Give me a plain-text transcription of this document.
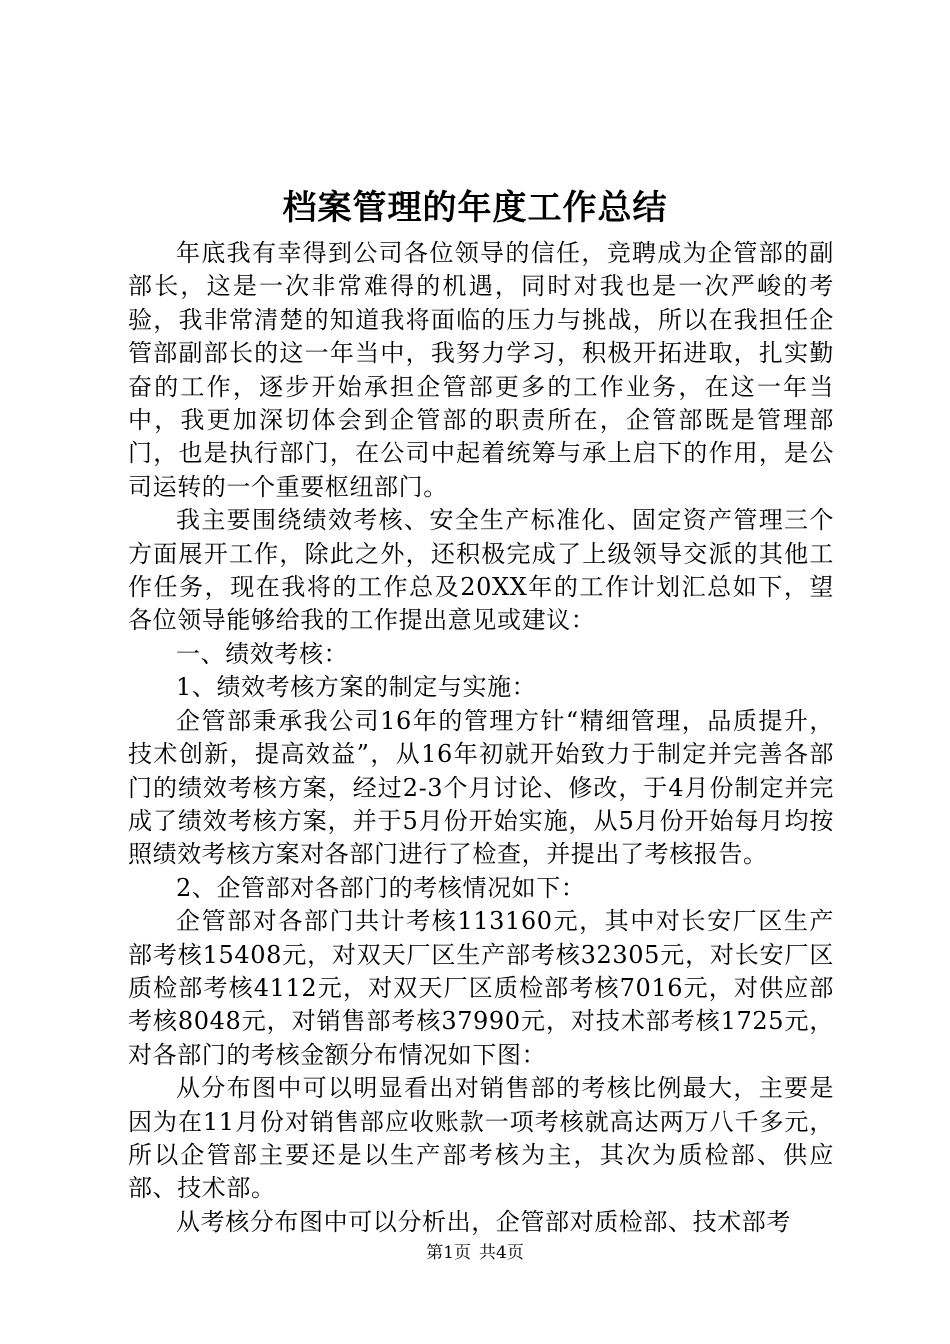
档案管理的年度工作总结

年底我有幸得到公司各位领导的信任，竞聘成为企管部的副部长，这是一次非常难得的机遇，同时对我也是一次严峻的考验，我非常清楚的知道我将面临的压力与挑战，所以在我担任企管部副部长的这一年当中，我努力学习，积极开拓进取，扎实勤奋的工作，逐步开始承担企管部更多的工作业务，在这一年当中，我更加深切体会到企管部的职责所在，企管部既是管理部门，也是执行部门，在公司中起着统筹与承上启下的作用，是公司运转的一个重要枢纽部门。

我主要围绕绩效考核、安全生产标准化、固定资产管理三个方面展开工作，除此之外，还积极完成了上级领导交派的其他工作任务，现在我将的工作总及20XX年的工作计划汇总如下，望各位领导能够给我的工作提出意见或建议：

一、绩效考核：

1、绩效考核方案的制定与实施：

企管部秉承我公司16年的管理方针“精细管理，品质提升，技术创新，提高效益”，从16年初就开始致力于制定并完善各部门的绩效考核方案，经过2-3个月讨论、修改，于4月份制定并完成了绩效考核方案，并于5月份开始实施，从5月份开始每月均按照绩效考核方案对各部门进行了检查，并提出了考核报告。

2、企管部对各部门的考核情况如下：

企管部对各部门共计考核113160元，其中对长安厂区生产部考核15408元，对双天厂区生产部考核32305元，对长安厂区质检部考核4112元，对双天厂区质检部考核7016元，对供应部考核8048元，对销售部考核37990元，对技术部考核1725元，对各部门的考核金额分布情况如下图：

从分布图中可以明显看出对销售部的考核比例最大，主要是因为在11月份对销售部应收账款一项考核就高达两万八千多元，所以企管部主要还是以生产部考核为主，其次为质检部、供应部、技术部。

从考核分布图中可以分析出，企管部对质检部、技术部考

第1页 共4页
